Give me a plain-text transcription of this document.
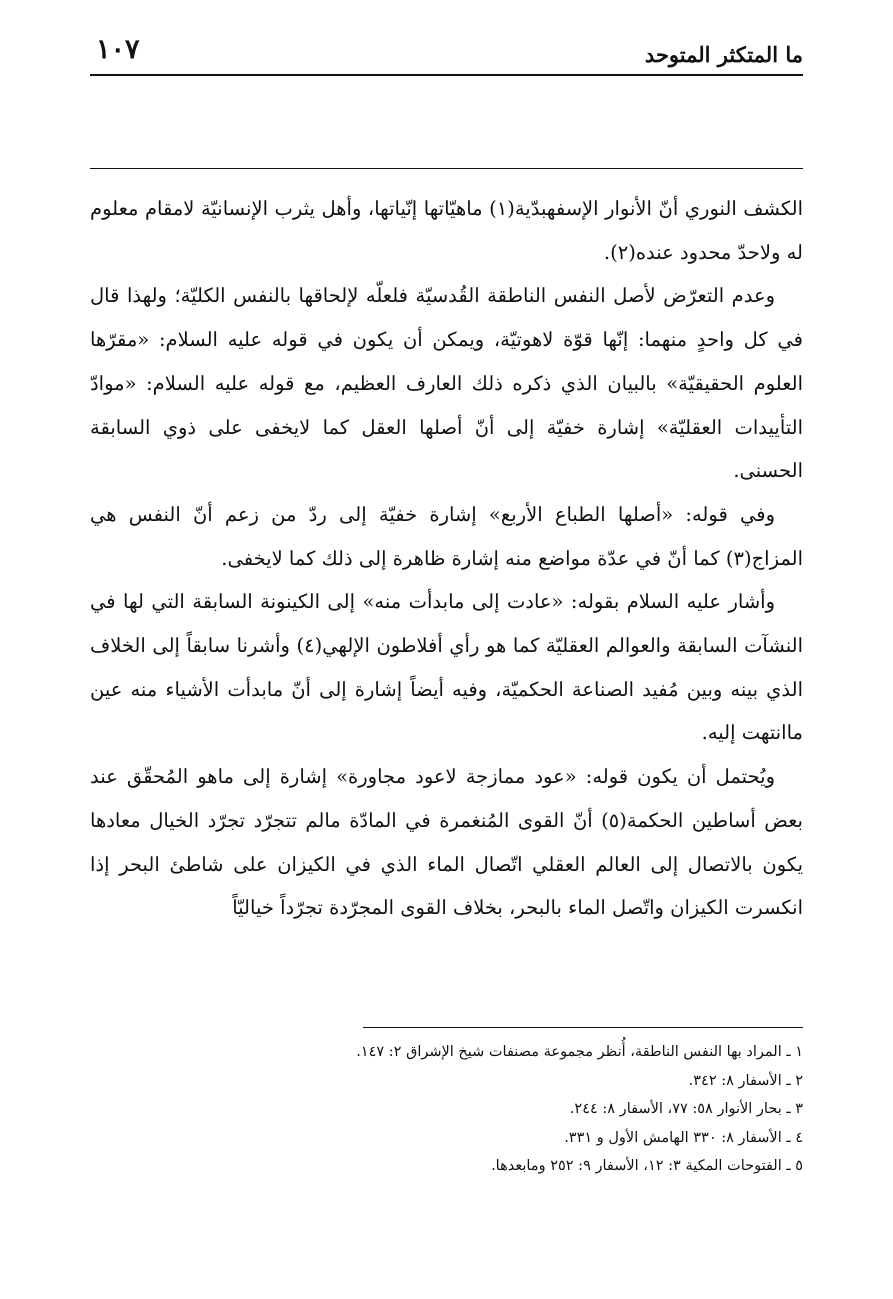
١٠٧	ما المتكثر المتوحد

الكشف النوري أنّ الأنوار الإسفهبدّية(١) ماهيّاتها إنّياتها، وأهل يثرب الإنسانيّة لامقام معلوم له ولاحدّ محدود عنده(٢).

وعدم التعرّض لأصل النفس الناطقة القُدسيّة فلعلّه لإلحاقها بالنفس الكليّة؛ ولهذا قال في كل واحدٍ منهما: إنّها قوّة لاهوتيّة، ويمكن أن يكون في قوله عليه السلام: «مقرّها العلوم الحقيقيّة» بالبيان الذي ذكره ذلك العارف العظيم، مع قوله عليه السلام: «موادّ التأييدات العقليّة» إشارة خفيّة إلى أنّ أصلها العقل كما لايخفى على ذوي السابقة الحسنى.

وفي قوله: «أصلها الطباع الأربع» إشارة خفيّة إلى ردّ من زعم أنّ النفس هي المزاج(٣) كما أنّ في عدّة مواضع منه إشارة ظاهرة إلى ذلك كما لايخفى.

وأشار عليه السلام بقوله: «عادت إلى مابدأت منه» إلى الكينونة السابقة التي لها في النشآت السابقة والعوالم العقليّة كما هو رأي أفلاطون الإلهي(٤) وأشرنا سابقاً إلى الخلاف الذي بينه وبين مُفيد الصناعة الحكميّة، وفيه أيضاً إشارة إلى أنّ مابدأت الأشياء منه عين ماانتهت إليه.

ويُحتمل أن يكون قوله: «عود ممازجة لاعود مجاورة» إشارة إلى ماهو المُحقّق عند بعض أساطين الحكمة(٥) أنّ القوى المُنغمرة في المادّة مالم تتجرّد تجرّد الخيال معادها يكون بالاتصال إلى العالم العقلي اتّصال الماء الذي في الكيزان على شاطئ البحر إذا انكسرت الكيزان واتّصل الماء بالبحر، بخلاف القوى المجرّدة تجرّداً خياليّاً

١ ـ المراد بها النفس الناطقة، أُنظر مجموعة مصنفات شيخ الإشراق ٢: ١٤٧.

٢ ـ الأسفار ٨: ٣٤٢.

٣ ـ بحار الأنوار ٥٨: ٧٧، الأسفار ٨: ٢٤٤.

٤ ـ الأسفار ٨: ٣٣٠ الهامش الأول و ٣٣١.

٥ ـ الفتوحات المكية ٣: ١٢، الأسفار ٩: ٢٥٢ ومابعدها.
